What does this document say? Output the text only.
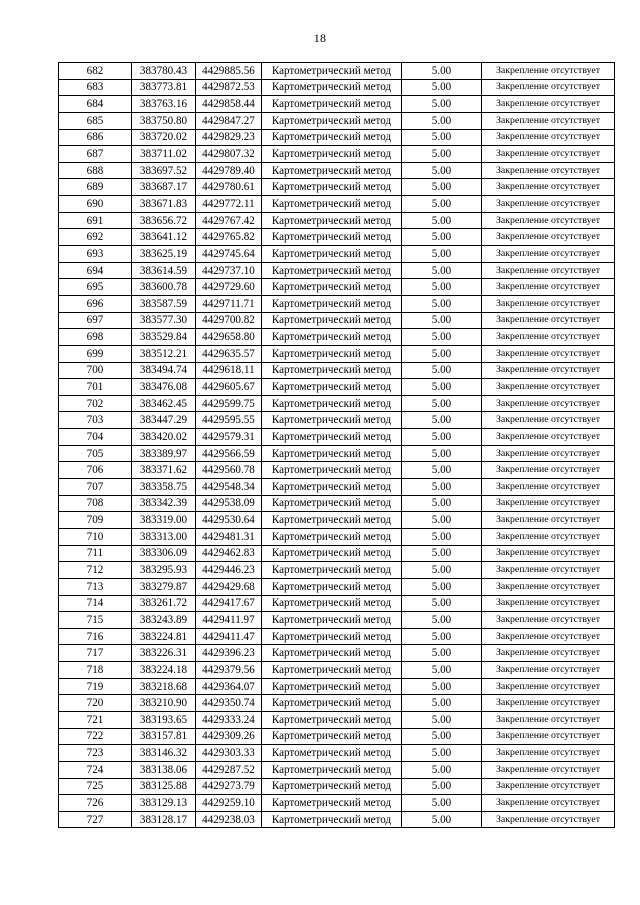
18
682	383780.43	4429885.56	Картометрический метод	5.00	Закрепление отсутствует
683	383773.81	4429872.53	Картометрический метод	5.00	Закрепление отсутствует
684	383763.16	4429858.44	Картометрический метод	5.00	Закрепление отсутствует
685	383750.80	4429847.27	Картометрический метод	5.00	Закрепление отсутствует
686	383720.02	4429829.23	Картометрический метод	5.00	Закрепление отсутствует
687	383711.02	4429807.32	Картометрический метод	5.00	Закрепление отсутствует
688	383697.52	4429789.40	Картометрический метод	5.00	Закрепление отсутствует
689	383687.17	4429780.61	Картометрический метод	5.00	Закрепление отсутствует
690	383671.83	4429772.11	Картометрический метод	5.00	Закрепление отсутствует
691	383656.72	4429767.42	Картометрический метод	5.00	Закрепление отсутствует
692	383641.12	4429765.82	Картометрический метод	5.00	Закрепление отсутствует
693	383625.19	4429745.64	Картометрический метод	5.00	Закрепление отсутствует
694	383614.59	4429737.10	Картометрический метод	5.00	Закрепление отсутствует
695	383600.78	4429729.60	Картометрический метод	5.00	Закрепление отсутствует
696	383587.59	4429711.71	Картометрический метод	5.00	Закрепление отсутствует
697	383577.30	4429700.82	Картометрический метод	5.00	Закрепление отсутствует
698	383529.84	4429658.80	Картометрический метод	5.00	Закрепление отсутствует
699	383512.21	4429635.57	Картометрический метод	5.00	Закрепление отсутствует
700	383494.74	4429618.11	Картометрический метод	5.00	Закрепление отсутствует
701	383476.08	4429605.67	Картометрический метод	5.00	Закрепление отсутствует
702	383462.45	4429599.75	Картометрический метод	5.00	Закрепление отсутствует
703	383447.29	4429595.55	Картометрический метод	5.00	Закрепление отсутствует
704	383420.02	4429579.31	Картометрический метод	5.00	Закрепление отсутствует
705	383389.97	4429566.59	Картометрический метод	5.00	Закрепление отсутствует
706	383371.62	4429560.78	Картометрический метод	5.00	Закрепление отсутствует
707	383358.75	4429548.34	Картометрический метод	5.00	Закрепление отсутствует
708	383342.39	4429538.09	Картометрический метод	5.00	Закрепление отсутствует
709	383319.00	4429530.64	Картометрический метод	5.00	Закрепление отсутствует
710	383313.00	4429481.31	Картометрический метод	5.00	Закрепление отсутствует
711	383306.09	4429462.83	Картометрический метод	5.00	Закрепление отсутствует
712	383295.93	4429446.23	Картометрический метод	5.00	Закрепление отсутствует
713	383279.87	4429429.68	Картометрический метод	5.00	Закрепление отсутствует
714	383261.72	4429417.67	Картометрический метод	5.00	Закрепление отсутствует
715	383243.89	4429411.97	Картометрический метод	5.00	Закрепление отсутствует
716	383224.81	4429411.47	Картометрический метод	5.00	Закрепление отсутствует
717	383226.31	4429396.23	Картометрический метод	5.00	Закрепление отсутствует
718	383224.18	4429379.56	Картометрический метод	5.00	Закрепление отсутствует
719	383218.68	4429364.07	Картометрический метод	5.00	Закрепление отсутствует
720	383210.90	4429350.74	Картометрический метод	5.00	Закрепление отсутствует
721	383193.65	4429333.24	Картометрический метод	5.00	Закрепление отсутствует
722	383157.81	4429309.26	Картометрический метод	5.00	Закрепление отсутствует
723	383146.32	4429303.33	Картометрический метод	5.00	Закрепление отсутствует
724	383138.06	4429287.52	Картометрический метод	5.00	Закрепление отсутствует
725	383125.88	4429273.79	Картометрический метод	5.00	Закрепление отсутствует
726	383129.13	4429259.10	Картометрический метод	5.00	Закрепление отсутствует
727	383128.17	4429238.03	Картометрический метод	5.00	Закрепление отсутствует
